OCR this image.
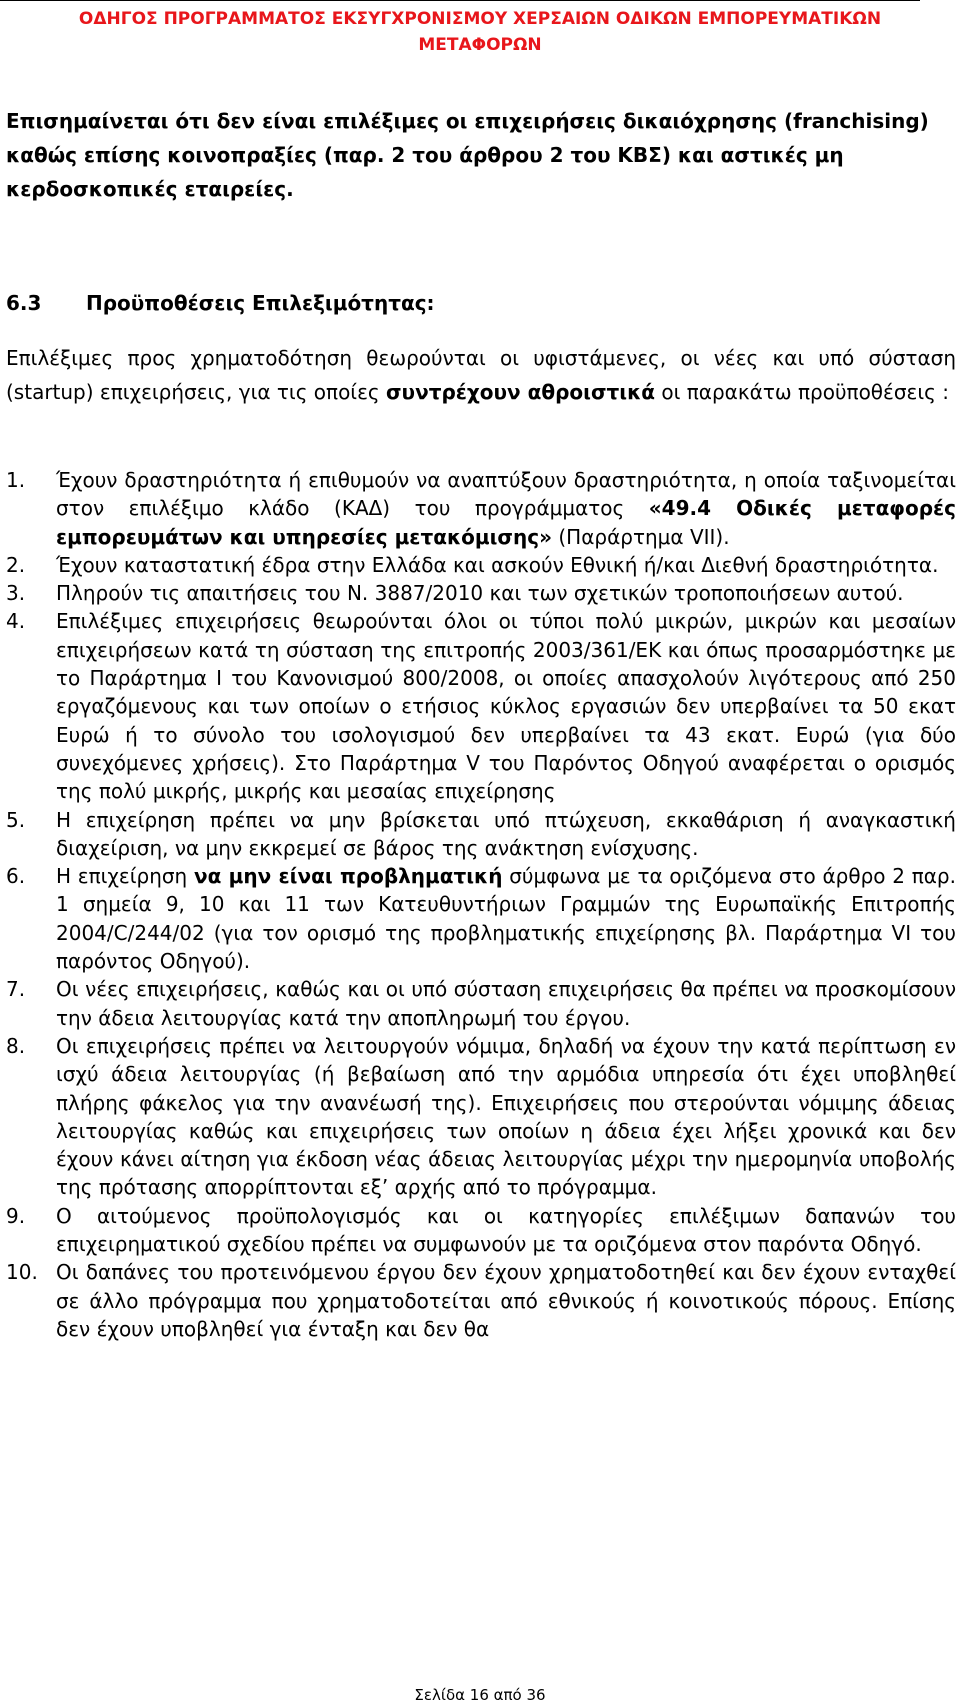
ΟΔΗΓΟΣ ΠΡΟΓΡΑΜΜΑΤΟΣ ΕΚΣΥΓΧΡΟΝΙΣΜΟΥ ΧΕΡΣΑΙΩΝ ΟΔΙΚΩΝ ΕΜΠΟΡΕΥΜΑΤΙΚΩΝ
ΜΕΤΑΦΟΡΩΝ

Επισημαίνεται ότι δεν είναι επιλέξιμες οι επιχειρήσεις δικαιόχρησης (franchising) καθώς επίσης κοινοπραξίες (παρ. 2 του άρθρου 2 του ΚΒΣ) και αστικές μη κερδοσκοπικές εταιρείες.

6.3 Προϋποθέσεις Επιλεξιμότητας:

Επιλέξιμες προς χρηματοδότηση θεωρούνται οι υφιστάμενες, οι νέες και υπό σύσταση (startup) επιχειρήσεις, για τις οποίες συντρέχουν αθροιστικά οι παρακάτω προϋποθέσεις :

1. Έχουν δραστηριότητα ή επιθυμούν να αναπτύξουν δραστηριότητα, η οποία ταξινομείται στον επιλέξιμο κλάδο (ΚΑΔ) του προγράμματος «49.4 Οδικές μεταφορές εμπορευμάτων και υπηρεσίες μετακόμισης» (Παράρτημα VII).
2. Έχουν καταστατική έδρα στην Ελλάδα και ασκούν Εθνική ή/και Διεθνή δραστηριότητα.
3. Πληρούν τις απαιτήσεις του Ν. 3887/2010 και των σχετικών τροποποιήσεων αυτού.
4. Επιλέξιμες επιχειρήσεις θεωρούνται όλοι οι τύποι πολύ μικρών, μικρών και μεσαίων επιχειρήσεων κατά τη σύσταση της επιτροπής 2003/361/ΕΚ και όπως προσαρμόστηκε με το Παράρτημα Ι του Κανονισμού 800/2008, οι οποίες απασχολούν λιγότερους από 250 εργαζόμενους και των οποίων ο ετήσιος κύκλος εργασιών δεν υπερβαίνει τα 50 εκατ Ευρώ ή το σύνολο του ισολογισμού δεν υπερβαίνει τα 43 εκατ. Ευρώ (για δύο συνεχόμενες χρήσεις). Στο Παράρτημα V του Παρόντος Οδηγού αναφέρεται ο ορισμός της πολύ μικρής, μικρής και μεσαίας επιχείρησης
5. Η επιχείρηση πρέπει να μην βρίσκεται υπό πτώχευση, εκκαθάριση ή αναγκαστική διαχείριση, να μην εκκρεμεί σε βάρος της ανάκτηση ενίσχυσης.
6. Η επιχείρηση να μην είναι προβληματική σύμφωνα με τα οριζόμενα στο άρθρο 2 παρ. 1 σημεία 9, 10 και 11 των Κατευθυντήριων Γραμμών της Ευρωπαϊκής Επιτροπής 2004/C/244/02 (για τον ορισμό της προβληματικής επιχείρησης βλ. Παράρτημα VI του παρόντος Οδηγού).
7. Οι νέες επιχειρήσεις, καθώς και οι υπό σύσταση επιχειρήσεις θα πρέπει να προσκομίσουν την άδεια λειτουργίας κατά την αποπληρωμή του έργου.
8. Οι επιχειρήσεις πρέπει να λειτουργούν νόμιμα, δηλαδή να έχουν την κατά περίπτωση εν ισχύ άδεια λειτουργίας (ή βεβαίωση από την αρμόδια υπηρεσία ότι έχει υποβληθεί πλήρης φάκελος για την ανανέωσή της). Επιχειρήσεις που στερούνται νόμιμης άδειας λειτουργίας καθώς και επιχειρήσεις των οποίων η άδεια έχει λήξει χρονικά και δεν έχουν κάνει αίτηση για έκδοση νέας άδειας λειτουργίας μέχρι την ημερομηνία υποβολής της πρότασης απορρίπτονται εξ’ αρχής από το πρόγραμμα.
9. Ο αιτούμενος προϋπολογισμός και οι κατηγορίες επιλέξιμων δαπανών του επιχειρηματικού σχεδίου πρέπει να συμφωνούν με τα οριζόμενα στον παρόντα Οδηγό.
10. Οι δαπάνες του προτεινόμενου έργου δεν έχουν χρηματοδοτηθεί και δεν έχουν ενταχθεί σε άλλο πρόγραμμα που χρηματοδοτείται από εθνικούς ή κοινοτικούς πόρους. Επίσης δεν έχουν υποβληθεί για ένταξη και δεν θα
Σελίδα 16 από 36
